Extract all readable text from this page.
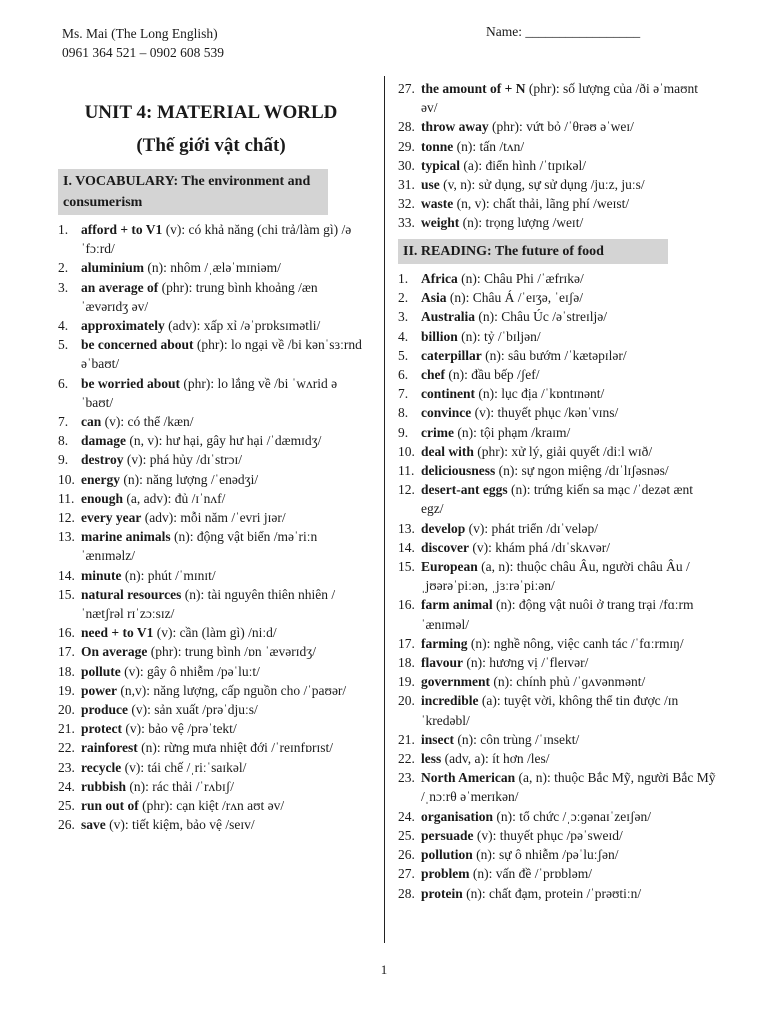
Ms. Mai (The Long English)
0961 364 521 – 0902 608 539
Name: _________________
UNIT 4: MATERIAL WORLD
(Thế giới vật chất)
I. VOCABULARY: The environment and consumerism
1. afford + to V1 (v): có khả năng (chi trả/làm gì) /əˈfɔːrd/
2. aluminium (n): nhôm /ˌæləˈmɪniəm/
3. an average of (phr): trung bình khoảng /æn ˈævərɪdʒ əv/
4. approximately (adv): xấp xỉ /əˈprɒksɪmətli/
5. be concerned about (phr): lo ngại về /bi kənˈsɜːrnd əˈbaʊt/
6. be worried about (phr): lo lắng về /bi ˈwʌrid əˈbaʊt/
7. can (v): có thể /kæn/
8. damage (n, v): hư hại, gây hư hại /ˈdæmɪdʒ/
9. destroy (v): phá hủy /dɪˈstrɔɪ/
10. energy (n): năng lượng /ˈenədʒi/
11. enough (a, adv): đủ /ɪˈnʌf/
12. every year (adv): mỗi năm /ˈevri jɪər/
13. marine animals (n): động vật biển /məˈriːn ˈænɪməlz/
14. minute (n): phút /ˈmɪnɪt/
15. natural resources (n): tài nguyên thiên nhiên /ˈnætʃrəl rɪˈzɔːsɪz/
16. need + to V1 (v): cần (làm gì) /niːd/
17. On average (phr): trung bình /ɒn ˈævərɪdʒ/
18. pollute (v): gây ô nhiễm /pəˈluːt/
19. power (n,v): năng lượng, cấp nguồn cho /ˈpaʊər/
20. produce (v): sản xuất /prəˈdjuːs/
21. protect (v): bảo vệ /prəˈtekt/
22. rainforest (n): rừng mưa nhiệt đới /ˈreɪnfɒrɪst/
23. recycle (v): tái chế /ˌriːˈsaɪkəl/
24. rubbish (n): rác thải /ˈrʌbɪʃ/
25. run out of (phr): cạn kiệt /rʌn aʊt əv/
26. save (v): tiết kiệm, bảo vệ /seɪv/
27. the amount of + N (phr): số lượng của /ði əˈmaʊnt əv/
28. throw away (phr): vứt bỏ /ˈθrəʊ əˈweɪ/
29. tonne (n): tấn /tʌn/
30. typical (a): điển hình /ˈtɪpɪkəl/
31. use (v, n): sử dụng, sự sử dụng /juːz, juːs/
32. waste (n, v): chất thải, lãng phí /weɪst/
33. weight (n): trọng lượng /weɪt/
II. READING: The future of food
1. Africa (n): Châu Phi /ˈæfrɪkə/
2. Asia (n): Châu Á /ˈeɪʒə, ˈeɪʃə/
3. Australia (n): Châu Úc /əˈstreɪljə/
4. billion (n): tỷ /ˈbɪljən/
5. caterpillar (n): sâu bướm /ˈkætəpɪlər/
6. chef (n): đầu bếp /ʃef/
7. continent (n): lục địa /ˈkɒntɪnənt/
8. convince (v): thuyết phục /kənˈvɪns/
9. crime (n): tội phạm /kraɪm/
10. deal with (phr): xử lý, giải quyết /diːl wɪð/
11. deliciousness (n): sự ngon miệng /dɪˈlɪʃəsnəs/
12. desert-ant eggs (n): trứng kiến sa mạc /ˈdezət ænt egz/
13. develop (v): phát triển /dɪˈveləp/
14. discover (v): khám phá /dɪˈskʌvər/
15. European (a, n): thuộc châu Âu, người châu Âu /ˌjʊərəˈpiːən, ˌjɜːrəˈpiːən/
16. farm animal (n): động vật nuôi ở trang trại /fɑːrm ˈænɪməl/
17. farming (n): nghề nông, việc canh tác /ˈfɑːrmɪŋ/
18. flavour (n): hương vị /ˈfleɪvər/
19. government (n): chính phủ /ˈɡʌvənmənt/
20. incredible (a): tuyệt vời, không thể tin được /ɪnˈkredəbl/
21. insect (n): côn trùng /ˈɪnsekt/
22. less (adv, a): ít hơn /les/
23. North American (a, n): thuộc Bắc Mỹ, người Bắc Mỹ /ˌnɔːrθ əˈmerɪkən/
24. organisation (n): tổ chức /ˌɔːɡənaɪˈzeɪʃən/
25. persuade (v): thuyết phục /pəˈsweɪd/
26. pollution (n): sự ô nhiễm /pəˈluːʃən/
27. problem (n): vấn đề /ˈprɒbləm/
28. protein (n): chất đạm, protein /ˈprəʊtiːn/
1
